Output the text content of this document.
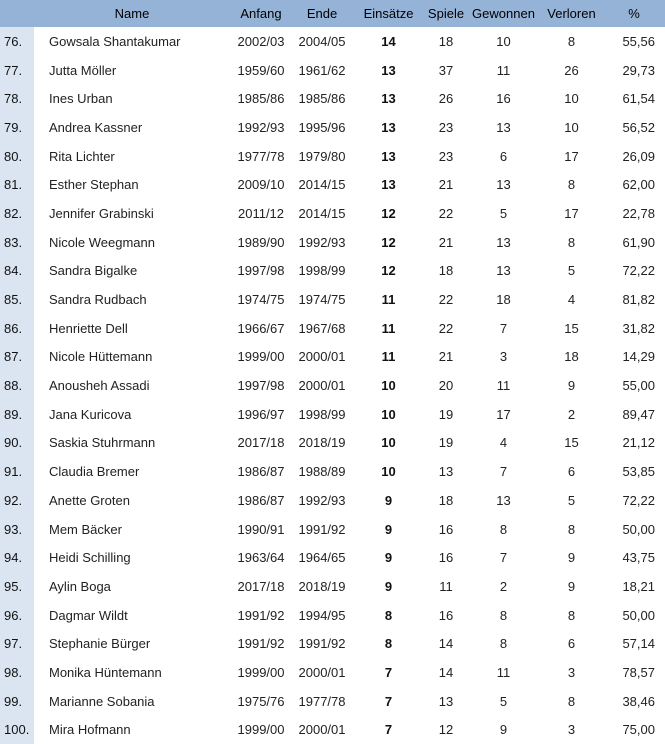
	Name	Anfang	Ende	Einsätze	Spiele	Gewonnen	Verloren	%
76.	Gowsala Shantakumar	2002/03	2004/05	14	18	10	8	55,56
77.	Jutta Möller	1959/60	1961/62	13	37	11	26	29,73
78.	Ines Urban	1985/86	1985/86	13	26	16	10	61,54
79.	Andrea Kassner	1992/93	1995/96	13	23	13	10	56,52
80.	Rita Lichter	1977/78	1979/80	13	23	6	17	26,09
81.	Esther Stephan	2009/10	2014/15	13	21	13	8	62,00
82.	Jennifer Grabinski	2011/12	2014/15	12	22	5	17	22,78
83.	Nicole Weegmann	1989/90	1992/93	12	21	13	8	61,90
84.	Sandra Bigalke	1997/98	1998/99	12	18	13	5	72,22
85.	Sandra Rudbach	1974/75	1974/75	11	22	18	4	81,82
86.	Henriette Dell	1966/67	1967/68	11	22	7	15	31,82
87.	Nicole Hüttemann	1999/00	2000/01	11	21	3	18	14,29
88.	Anousheh Assadi	1997/98	2000/01	10	20	11	9	55,00
89.	Jana Kuricova	1996/97	1998/99	10	19	17	2	89,47
90.	Saskia Stuhrmann	2017/18	2018/19	10	19	4	15	21,12
91.	Claudia Bremer	1986/87	1988/89	10	13	7	6	53,85
92.	Anette Groten	1986/87	1992/93	9	18	13	5	72,22
93.	Mem Bäcker	1990/91	1991/92	9	16	8	8	50,00
94.	Heidi Schilling	1963/64	1964/65	9	16	7	9	43,75
95.	Aylin Boga	2017/18	2018/19	9	11	2	9	18,21
96.	Dagmar Wildt	1991/92	1994/95	8	16	8	8	50,00
97.	Stephanie Bürger	1991/92	1991/92	8	14	8	6	57,14
98.	Monika Hüntemann	1999/00	2000/01	7	14	11	3	78,57
99.	Marianne Sobania	1975/76	1977/78	7	13	5	8	38,46
100.	Mira Hofmann	1999/00	2000/01	7	12	9	3	75,00
